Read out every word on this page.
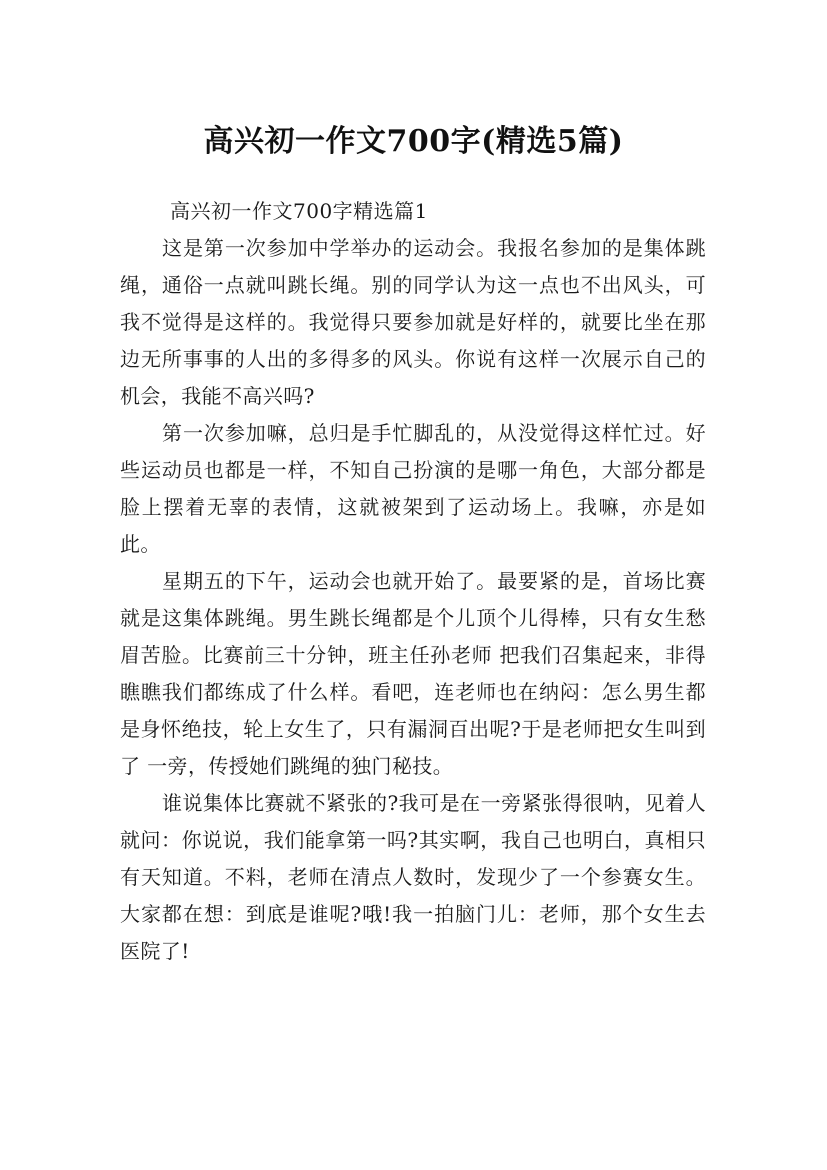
高兴初一作文700字(精选5篇)

高兴初一作文700字精选篇1

这是第一次参加中学举办的运动会。我报名参加的是集体跳绳，通俗一点就叫跳长绳。别的同学认为这一点也不出风头，可我不觉得是这样的。我觉得只要参加就是好样的，就要比坐在那边无所事事的人出的多得多的风头。你说有这样一次展示自己的机会，我能不高兴吗?

第一次参加嘛，总归是手忙脚乱的，从没觉得这样忙过。好些运动员也都是一样，不知自己扮演的是哪一角色，大部分都是脸上摆着无辜的表情，这就被架到了运动场上。我嘛，亦是如此。

星期五的下午，运动会也就开始了。最要紧的是，首场比赛就是这集体跳绳。男生跳长绳都是个儿顶个儿得棒，只有女生愁眉苦脸。比赛前三十分钟，班主任孙老师 把我们召集起来，非得瞧瞧我们都练成了什么样。看吧，连老师也在纳闷：怎么男生都是身怀绝技，轮上女生了，只有漏洞百出呢?于是老师把女生叫到了 一旁，传授她们跳绳的独门秘技。

谁说集体比赛就不紧张的?我可是在一旁紧张得很呐，见着人就问：你说说，我们能拿第一吗?其实啊，我自己也明白，真相只有天知道。不料，老师在清点人数时，发现少了一个参赛女生。大家都在想：到底是谁呢?哦!我一拍脑门儿：老师，那个女生去医院了!
